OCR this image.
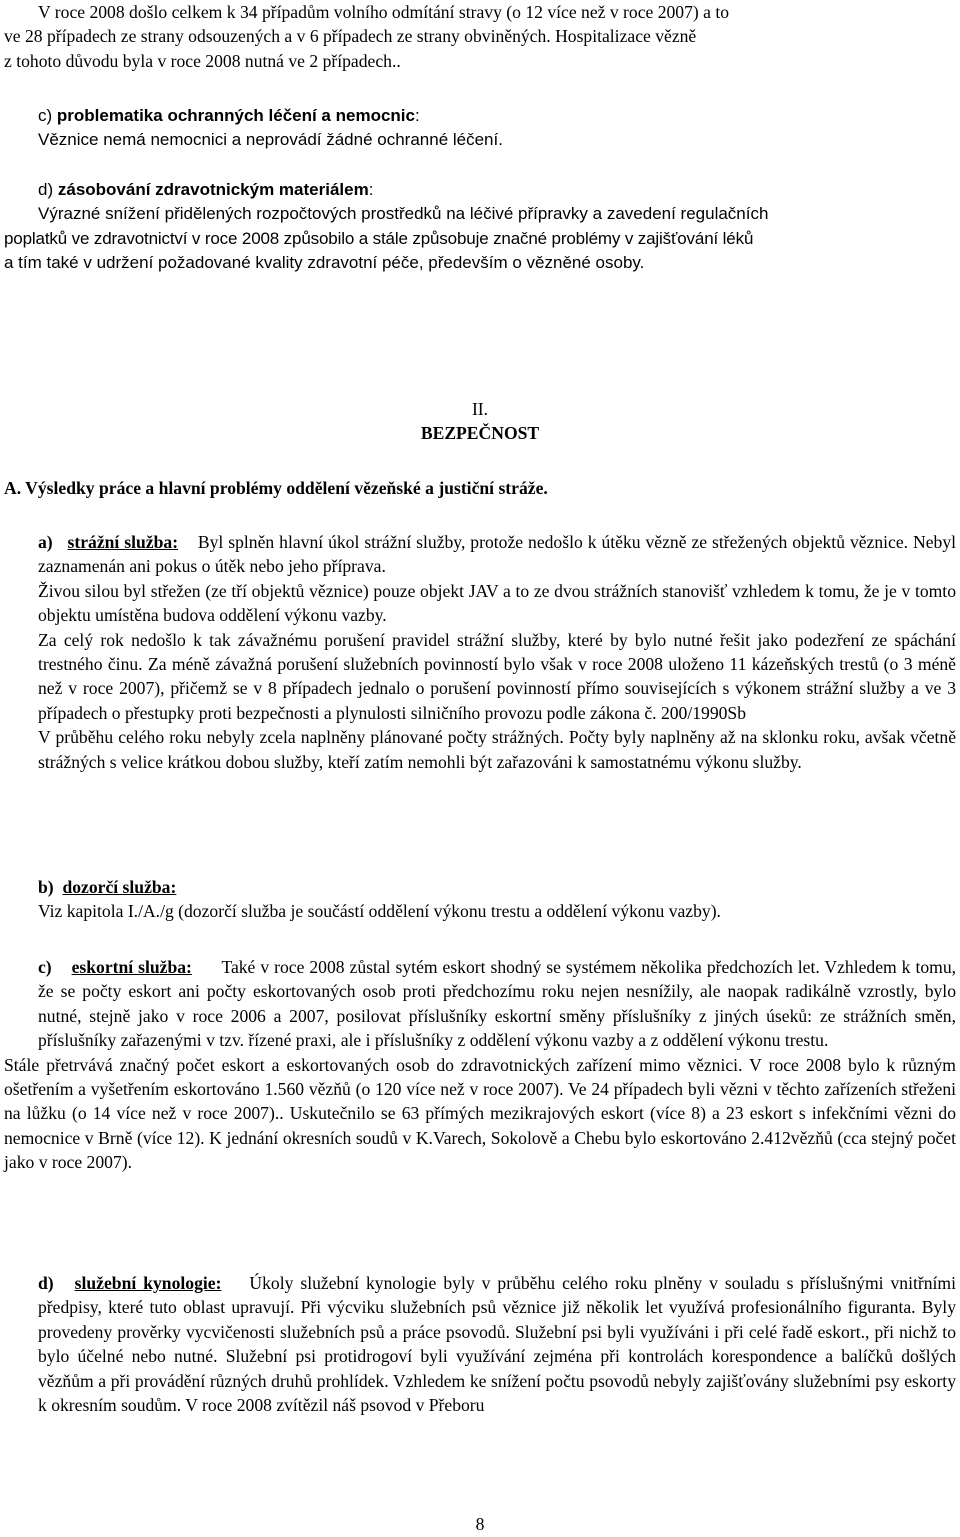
V roce 2008 došlo celkem k 34 případům volního odmítání stravy (o 12 více než v roce 2007) a to

ve 28 případech ze strany odsouzených a v 6 případech ze strany obviněných. Hospitalizace vězně

z tohoto důvodu byla v roce 2008 nutná ve 2 případech..

c) problematika ochranných léčení a nemocnic:

Věznice nemá nemocnici a neprovádí žádné ochranné léčení.

d) zásobování zdravotnickým materiálem:

Výrazné snížení přidělených rozpočtových prostředků na léčivé přípravky a zavedení regulačních

poplatků ve zdravotnictví v roce 2008 způsobilo a stále způsobuje značné problémy v zajišťování léků

a tím také v udržení požadované kvality zdravotní péče, především o vězněné osoby.

II.

BEZPEČNOST

A. Výsledky práce a hlavní problémy oddělení vězeňské a justiční stráže.

a) strážní služba: Byl splněn hlavní úkol strážní služby, protože nedošlo k útěku vězně ze střežených objektů věznice. Nebyl zaznamenán ani pokus o útěk nebo jeho příprava.

Živou silou byl střežen (ze tří objektů věznice) pouze objekt JAV a to ze dvou strážních stanovišť vzhledem k tomu, že je v tomto objektu umístěna budova oddělení výkonu vazby.

Za celý rok nedošlo k tak závažnému porušení pravidel strážní služby, které by bylo nutné řešit jako podezření ze spáchání trestného činu. Za méně závažná porušení služebních povinností bylo však v roce 2008 uloženo 11 kázeňských trestů (o 3 méně než v roce 2007), přičemž se v 8 případech jednalo o porušení povinností přímo souvisejících s výkonem strážní služby a ve 3 případech o přestupky proti bezpečnosti a plynulosti silničního provozu podle zákona č. 200/1990Sb

V průběhu celého roku nebyly zcela naplněny plánované počty strážných. Počty byly naplněny až na sklonku roku, avšak včetně strážných s velice krátkou dobou služby, kteří zatím nemohli být zařazováni k samostatnému výkonu služby.

b) dozorčí služba:

Viz kapitola I./A./g (dozorčí služba je součástí oddělení výkonu trestu a oddělení výkonu vazby).

c) eskortní služba: Také v roce 2008 zůstal sytém eskort shodný se systémem několika předchozích let. Vzhledem k tomu, že se počty eskort ani počty eskortovaných osob proti předchozímu roku nejen nesnížily, ale naopak radikálně vzrostly, bylo nutné, stejně jako v roce 2006 a 2007, posilovat příslušníky eskortní směny příslušníky z jiných úseků: ze strážních směn, příslušníky zařazenými v tzv. řízené praxi, ale i příslušníky z oddělení výkonu vazby a z oddělení výkonu trestu.

Stále přetrvává značný počet eskort a eskortovaných osob do zdravotnických zařízení mimo věznici. V roce 2008 bylo k různým ošetřením a vyšetřením eskortováno 1.560 vězňů (o 120 více než v roce 2007). Ve 24 případech byli vězni v těchto zařízeních střeženi na lůžku (o 14 více než v roce 2007).. Uskutečnilo se 63 přímých mezikrajových eskort (více 8) a 23 eskort s infekčními vězni do nemocnice v Brně (více 12). K jednání okresních soudů v K.Varech, Sokolově a Chebu bylo eskortováno 2.412vězňů (cca stejný počet jako v roce 2007).

d) služební kynologie: Úkoly služební kynologie byly v průběhu celého roku plněny v souladu s příslušnými vnitřními předpisy, které tuto oblast upravují. Při výcviku služebních psů věznice již několik let využívá profesionálního figuranta. Byly provedeny prověrky vycvičenosti služebních psů a práce psovodů. Služební psi byli využíváni i při celé řadě eskort., při nichž to bylo účelné nebo nutné. Služební psi protidrogoví byli využívání zejména při kontrolách korespondence a balíčků došlých vězňům a při provádění různých druhů prohlídek. Vzhledem ke snížení počtu psovodů nebyly zajišťovány služebními psy eskorty k okresním soudům. V roce 2008 zvítězil náš psovod v Přeboru

8
